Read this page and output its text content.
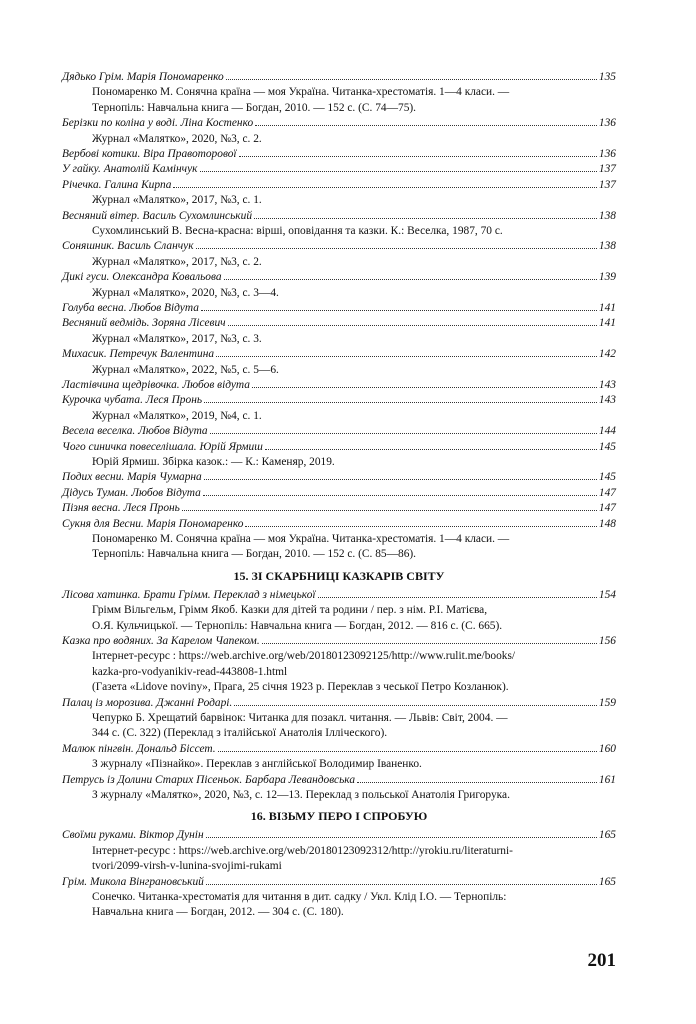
Дядько Грім. Марія Пономаренко	135
Пономаренко М. Сонячна країна — моя Україна. Читанка-хрестоматія. 1—4 класи. —
Тернопіль: Навчальна книга — Богдан, 2010. — 152 с. (С. 74—75).
Берізки по коліна у воді. Ліна Костенко	136
Журнал «Малятко», 2020, №3, с. 2.
Вербові котики. Віра Правоторової	136
У гайку. Анатолій Камінчук	137
Річечка. Галина Кирпа	137
Журнал «Малятко», 2017, №3, с. 1.
Весняний вітер. Василь Сухомлинський	138
Сухомлинський В. Весна-красна: вірші, оповідання та казки. К.: Веселка, 1987, 70 с.
Соняшник. Василь Сланчук	138
Журнал «Малятко», 2017, №3, с. 2.
Дикі гуси. Олександра Ковальова	139
Журнал «Малятко», 2020, №3, с. 3—4.
Голуба весна. Любов Відута	141
Весняний ведмідь. Зоряна Лісевич	141
Журнал «Малятко», 2017, №3, с. 3.
Михасик. Петречук Валентина	142
Журнал «Малятко», 2022, №5, с. 5—6.
Ластівчина щедрівочка. Любов відута	143
Курочка чубата. Леся Пронь	143
Журнал «Малятко», 2019, №4, с. 1.
Весела веселка. Любов Відута	144
Чого синичка повеселішала. Юрій Ярмиш	145
Юрій Ярмиш. Збірка казок.: — К.: Каменяр, 2019.
Подих весни. Марія Чумарна	145
Дідусь Туман. Любов Відута	147
Пізня весна. Леся Пронь	147
Сукня для Весни. Марія Пономаренко	148
Пономаренко М. Сонячна країна — моя Україна. Читанка-хрестоматія. 1—4 класи. —
Тернопіль: Навчальна книга — Богдан, 2010. — 152 с. (С. 85—86).
15. ЗІ СКАРБНИЦІ КАЗКАРІВ СВІТУ
Лісова хатинка. Брати Грімм. Переклад з німецької	154
Грімм Вільгельм, Грімм Якоб. Казки для дітей та родини / пер. з нім. Р.І. Матієва,
О.Я. Кульчицької. — Тернопіль: Навчальна книга — Богдан, 2012. — 816 с. (С. 665).
Казка про водяних. За Карелом Чапеком.	156
Інтернет-ресурс : https://web.archive.org/web/20180123092125/http://www.rulit.me/books/
kazka-pro-vodyanikiv-read-443808-1.html
(Газета «Lidove noviny», Прага, 25 січня 1923 р. Переклав з чеської Петро Козланюк).
Палац із морозива. Джанні Родарі.	159
Чепурко Б. Хрещатий барвінок: Читанка для позакл. читання. — Львів: Світ, 2004. —
344 с. (С. 322) (Переклад з італійської Анатолія Ілліческого).
Малюк пінгвін. Дональд Біссет.	160
З журналу «Пізнайко». Переклав з англійської Володимир Іваненко.
Петрусь із Долини Старих Пісеньок. Барбара Левандовська	161
З журналу «Малятко», 2020, №3, с. 12—13. Переклад з польської Анатолія Григорука.
16. ВІЗЬМУ ПЕРО І СПРОБУЮ
Своїми руками. Віктор Дунін	165
Інтернет-ресурс : https://web.archive.org/web/20180123092312/http://yrokiu.ru/literaturni-
tvori/2099-virsh-v-lunina-svojimi-rukami
Грім. Микола Вінграновський	165
Сонечко. Читанка-хрестоматія для читання в дит. садку / Укл. Клід І.О. — Тернопіль:
Навчальна книга — Богдан, 2012. — 304 с. (С. 180).
201
